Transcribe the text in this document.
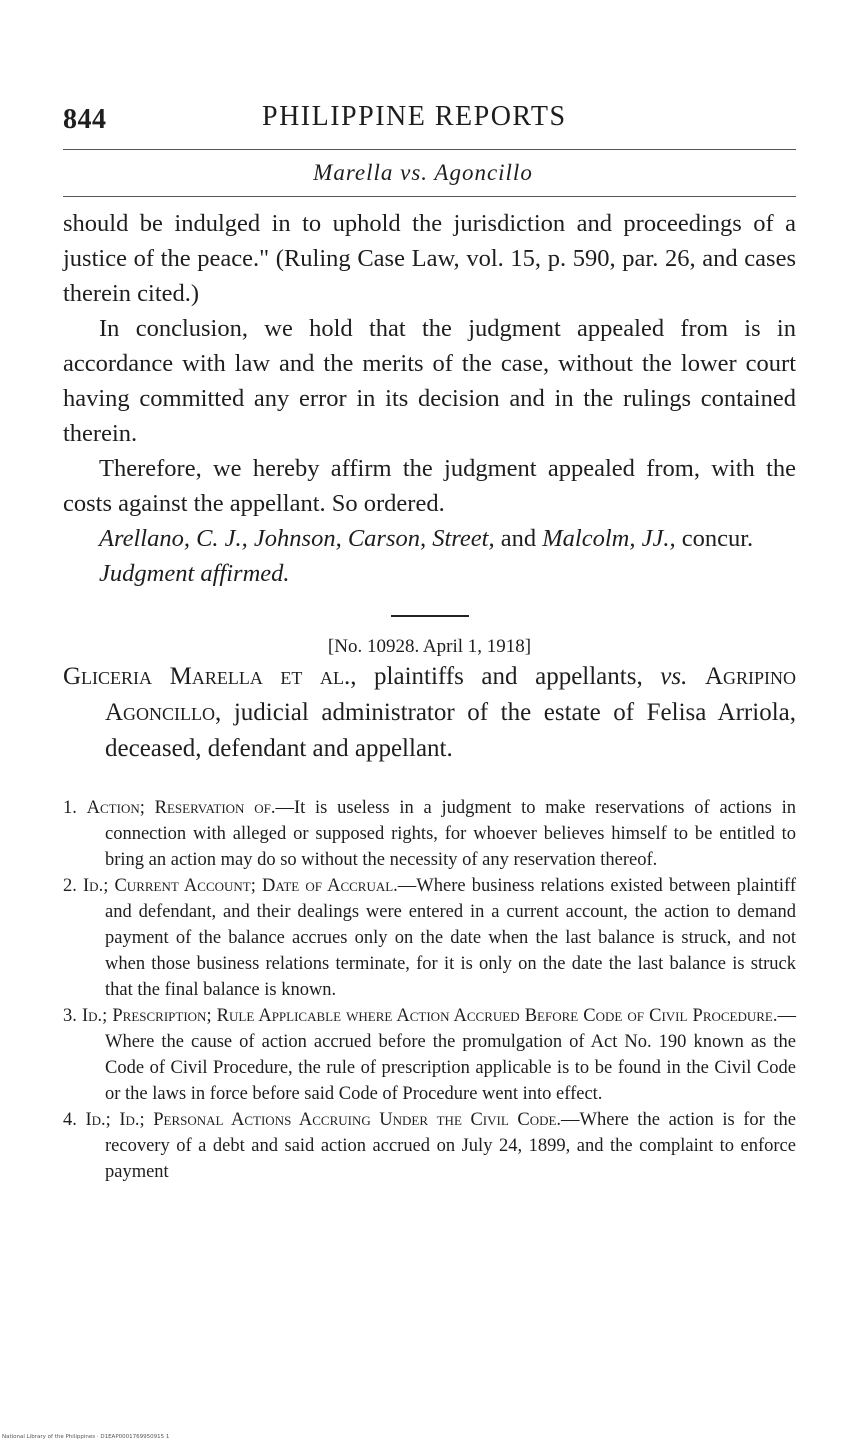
844	PHILIPPINE REPORTS
Marella vs. Agoncillo

should be indulged in to uphold the jurisdiction and proceedings of a justice of the peace." (Ruling Case Law, vol. 15, p. 590, par. 26, and cases therein cited.)

In conclusion, we hold that the judgment appealed from is in accordance with law and the merits of the case, without the lower court having committed any error in its decision and in the rulings contained therein.

Therefore, we hereby affirm the judgment appealed from, with the costs against the appellant. So ordered.

Arellano, C. J., Johnson, Carson, Street, and Malcolm, JJ., concur.

Judgment affirmed.

[No. 10928. April 1, 1918]

Gliceria Marella et al., plaintiffs and appellants, vs. Agripino Agoncillo, judicial administrator of the estate of Felisa Arriola, deceased, defendant and appellant.

1. Action; Reservation of.—It is useless in a judgment to make reservations of actions in connection with alleged or supposed rights, for whoever believes himself to be entitled to bring an action may do so without the necessity of any reservation thereof.

2. Id.; Current Account; Date of Accrual.—Where business relations existed between plaintiff and defendant, and their dealings were entered in a current account, the action to demand payment of the balance accrues only on the date when the last balance is struck, and not when those business relations terminate, for it is only on the date the last balance is struck that the final balance is known.

3. Id.; Prescription; Rule Applicable where Action Accrued Before Code of Civil Procedure.—Where the cause of action accrued before the promulgation of Act No. 190 known as the Code of Civil Procedure, the rule of prescription applicable is to be found in the Civil Code or the laws in force before said Code of Procedure went into effect.

4. Id.; Id.; Personal Actions Accruing Under the Civil Code.—Where the action is for the recovery of a debt and said action accrued on July 24, 1899, and the complaint to enforce payment

National Library of the Philippines · D1EAP0001769950915 1
